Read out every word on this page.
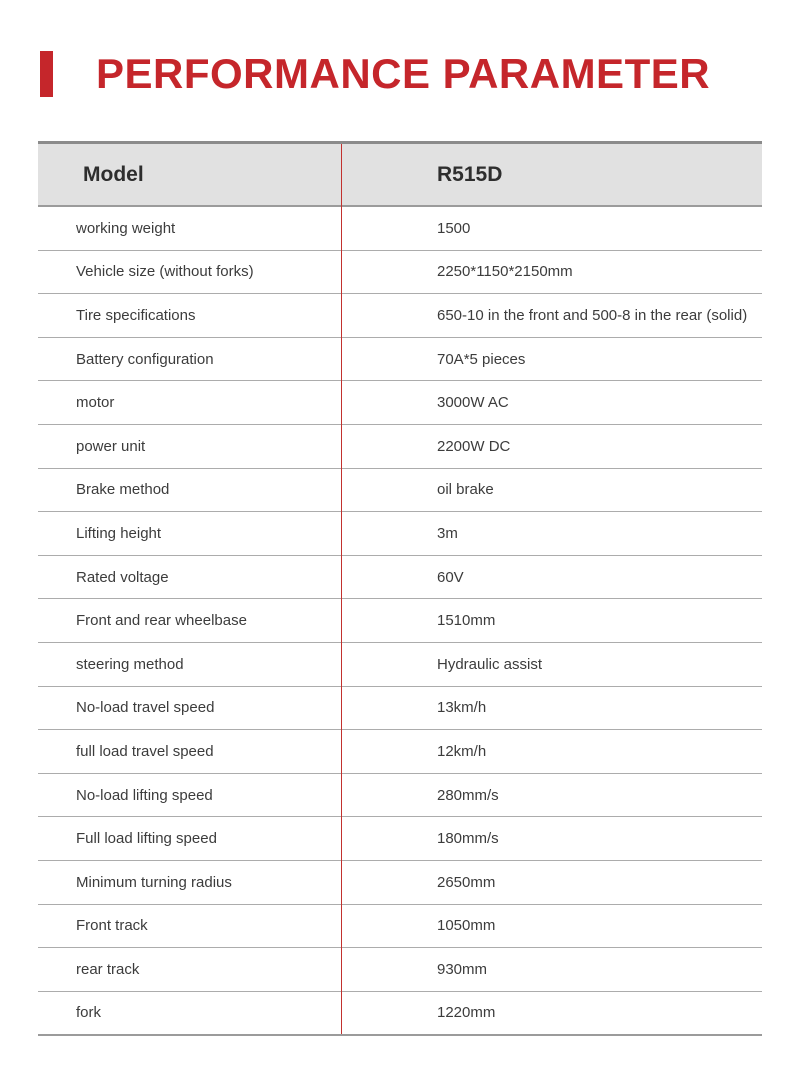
PERFORMANCE PARAMETER
Model	R515D
working weight	1500
Vehicle size (without forks)	2250*1150*2150mm
Tire specifications	650-10 in the front and 500-8 in the rear (solid)
Battery configuration	70A*5 pieces
motor	3000W AC
power unit	2200W DC
Brake method	oil brake
Lifting height	3m
Rated voltage	60V
Front and rear wheelbase	1510mm
steering method	Hydraulic assist
No-load travel speed	13km/h
full load travel speed	12km/h
No-load lifting speed	280mm/s
Full load lifting speed	180mm/s
Minimum turning radius	2650mm
Front track	1050mm
rear track	930mm
fork	1220mm
